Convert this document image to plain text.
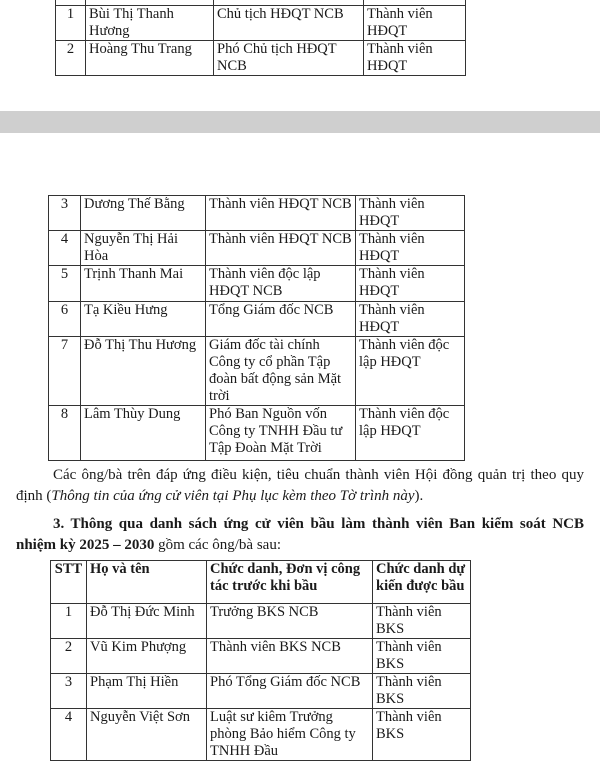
1	Bùi Thị Thanh Hương	Chủ tịch HĐQT NCB	Thành viên HĐQT
2	Hoàng Thu Trang	Phó Chủ tịch HĐQT NCB	Thành viên HĐQT
3	Dương Thế Bằng	Thành viên HĐQT NCB	Thành viên HĐQT
4	Nguyễn Thị Hải Hòa	Thành viên HĐQT NCB	Thành viên HĐQT
5	Trịnh Thanh Mai	Thành viên độc lập HĐQT NCB	Thành viên HĐQT
6	Tạ Kiều Hưng	Tổng Giám đốc NCB	Thành viên HĐQT
7	Đỗ Thị Thu Hương	Giám đốc tài chính Công ty cổ phần Tập đoàn bất động sản Mặt trời	Thành viên độc lập HĐQT
8	Lâm Thùy Dung	Phó Ban Nguồn vốn Công ty TNHH Đầu tư Tập Đoàn Mặt Trời	Thành viên độc lập HĐQT
Các ông/bà trên đáp ứng điều kiện, tiêu chuẩn thành viên Hội đồng quản trị theo quy định (Thông tin của ứng cử viên tại Phụ lục kèm theo Tờ trình này).
3. Thông qua danh sách ứng cử viên bầu làm thành viên Ban kiểm soát NCB nhiệm kỳ 2025 – 2030 gồm các ông/bà sau:
STT	Họ và tên	Chức danh, Đơn vị công tác trước khi bầu	Chức danh dự kiến được bầu
1	Đỗ Thị Đức Minh	Trưởng BKS NCB	Thành viên BKS
2	Vũ Kim Phượng	Thành viên BKS NCB	Thành viên BKS
3	Phạm Thị Hiền	Phó Tổng Giám đốc NCB	Thành viên BKS
4	Nguyễn Việt Sơn	Luật sư kiêm Trưởng phòng Bảo hiểm Công ty TNHH Đầu	Thành viên BKS
